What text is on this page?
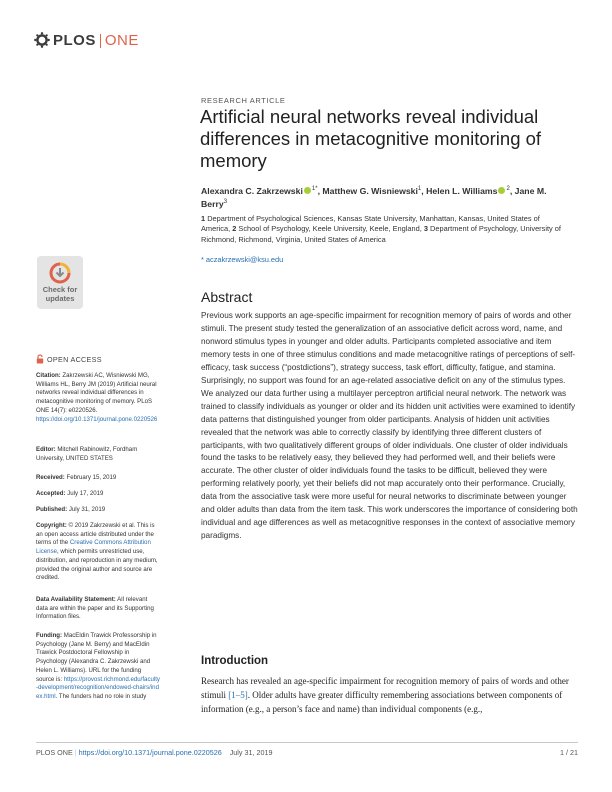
PLOS ONE
RESEARCH ARTICLE
Artificial neural networks reveal individual differences in metacognitive monitoring of memory
Alexandra C. Zakrzewski $^{1*}$, Matthew G. Wisniewski$^1$, Helen L. Williams $^2$, Jane M. Berry$^3$
1 Department of Psychological Sciences, Kansas State University, Manhattan, Kansas, United States of America, 2 School of Psychology, Keele University, Keele, England, 3 Department of Psychology, University of Richmond, Richmond, Virginia, United States of America
* aczakrzewski@ksu.edu
Check for
updates
OPEN ACCESS
Citation: Zakrzewski AC, Wisniewski MG, Williams HL, Berry JM (2019) Artificial neural networks reveal individual differences in metacognitive monitoring of memory. PLoS ONE 14(7): e0220526. https://doi.org/10.1371/journal.pone.0220526
Editor: Mitchell Rabinowitz, Fordham University, UNITED STATES
Received: February 15, 2019
Accepted: July 17, 2019
Published: July 31, 2019
Copyright: © 2019 Zakrzewski et al. This is an open access article distributed under the terms of the Creative Commons Attribution License, which permits unrestricted use, distribution, and reproduction in any medium, provided the original author and source are credited.
Data Availability Statement: All relevant data are within the paper and its Supporting Information files.
Funding: MacEldin Trawick Professorship in Psychology (Jane M. Berry) and MacEldin Trawick Postdoctoral Fellowship in Psychology (Alexandra C. Zakrzewski and Helen L. Williams). URL for the funding source is: https://provost.richmond.edu/faculty-development/recognition/endowed-chairs/index.html. The funders had no role in study
Abstract

Previous work supports an age-specific impairment for recognition memory of pairs of words and other stimuli. The present study tested the generalization of an associative deficit across word, name, and nonword stimulus types in younger and older adults. Participants completed associative and item memory tests in one of three stimulus conditions and made metacognitive ratings of perceptions of self-efficacy, task success (“postdictions”), strategy success, task effort, difficulty, fatigue, and stamina. Surprisingly, no support was found for an age-related associative deficit on any of the stimulus types. We analyzed our data further using a multilayer perceptron artificial neural network. The network was trained to classify individuals as younger or older and its hidden unit activities were examined to identify data patterns that distinguished younger from older participants. Analysis of hidden unit activities revealed that the network was able to correctly classify by identifying three different clusters of participants, with two qualitatively different groups of older individuals. One cluster of older individuals found the tasks to be relatively easy, they believed they had performed well, and their beliefs were accurate. The other cluster of older individuals found the tasks to be difficult, believed they were performing relatively poorly, yet their beliefs did not map accurately onto their performance. Crucially, data from the associative task were more useful for neural networks to discriminate between younger and older adults than data from the item task. This work underscores the importance of considering both individual and age differences as well as metacognitive responses in the context of associative memory paradigms.

Introduction

Research has revealed an age-specific impairment for recognition memory of pairs of words and other stimuli [1–5]. Older adults have greater difficulty remembering associations between components of information (e.g., a person’s face and name) than individual components (e.g.,

PLOS ONE | https://doi.org/10.1371/journal.pone.0220526 July 31, 2019	1 / 21
